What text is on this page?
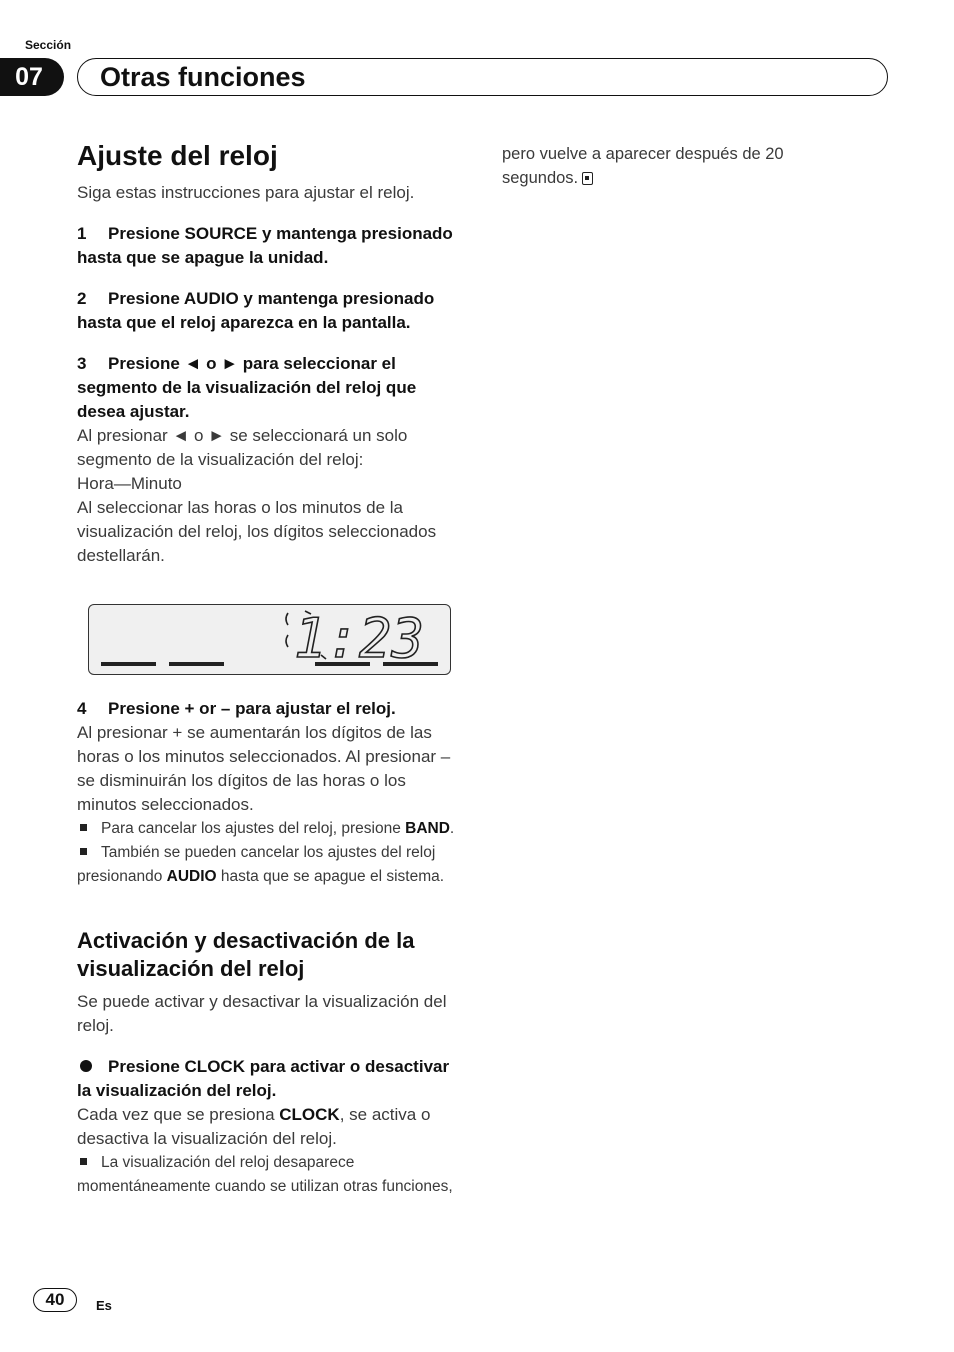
Sección
07	Otras funciones
Ajuste del reloj

Siga estas instrucciones para ajustar el reloj.

1 Presione SOURCE y mantenga presionado hasta que se apague la unidad.

2 Presione AUDIO y mantenga presionado hasta que el reloj aparezca en la pantalla.

3 Presione ◄ o ► para seleccionar el segmento de la visualización del reloj que desea ajustar.

Al presionar ◄ o ► se seleccionará un solo segmento de la visualización del reloj:

Hora—Minuto

Al seleccionar las horas o los minutos de la visualización del reloj, los dígitos seleccionados destellarán.

1:23

4 Presione + or – para ajustar el reloj.

Al presionar + se aumentarán los dígitos de las horas o los minutos seleccionados. Al presionar – se disminuirán los dígitos de las horas o los minutos seleccionados.

Para cancelar los ajustes del reloj, presione BAND.

También se pueden cancelar los ajustes del reloj presionando AUDIO hasta que se apague el sistema.

Activación y desactivación de la visualización del reloj

Se puede activar y desactivar la visualización del reloj.

Presione CLOCK para activar o desactivar la visualización del reloj.

Cada vez que se presiona CLOCK, se activa o desactiva la visualización del reloj.

La visualización del reloj desaparece momentáneamente cuando se utilizan otras funciones,

pero vuelve a aparecer después de 20 segundos.

40	Es
